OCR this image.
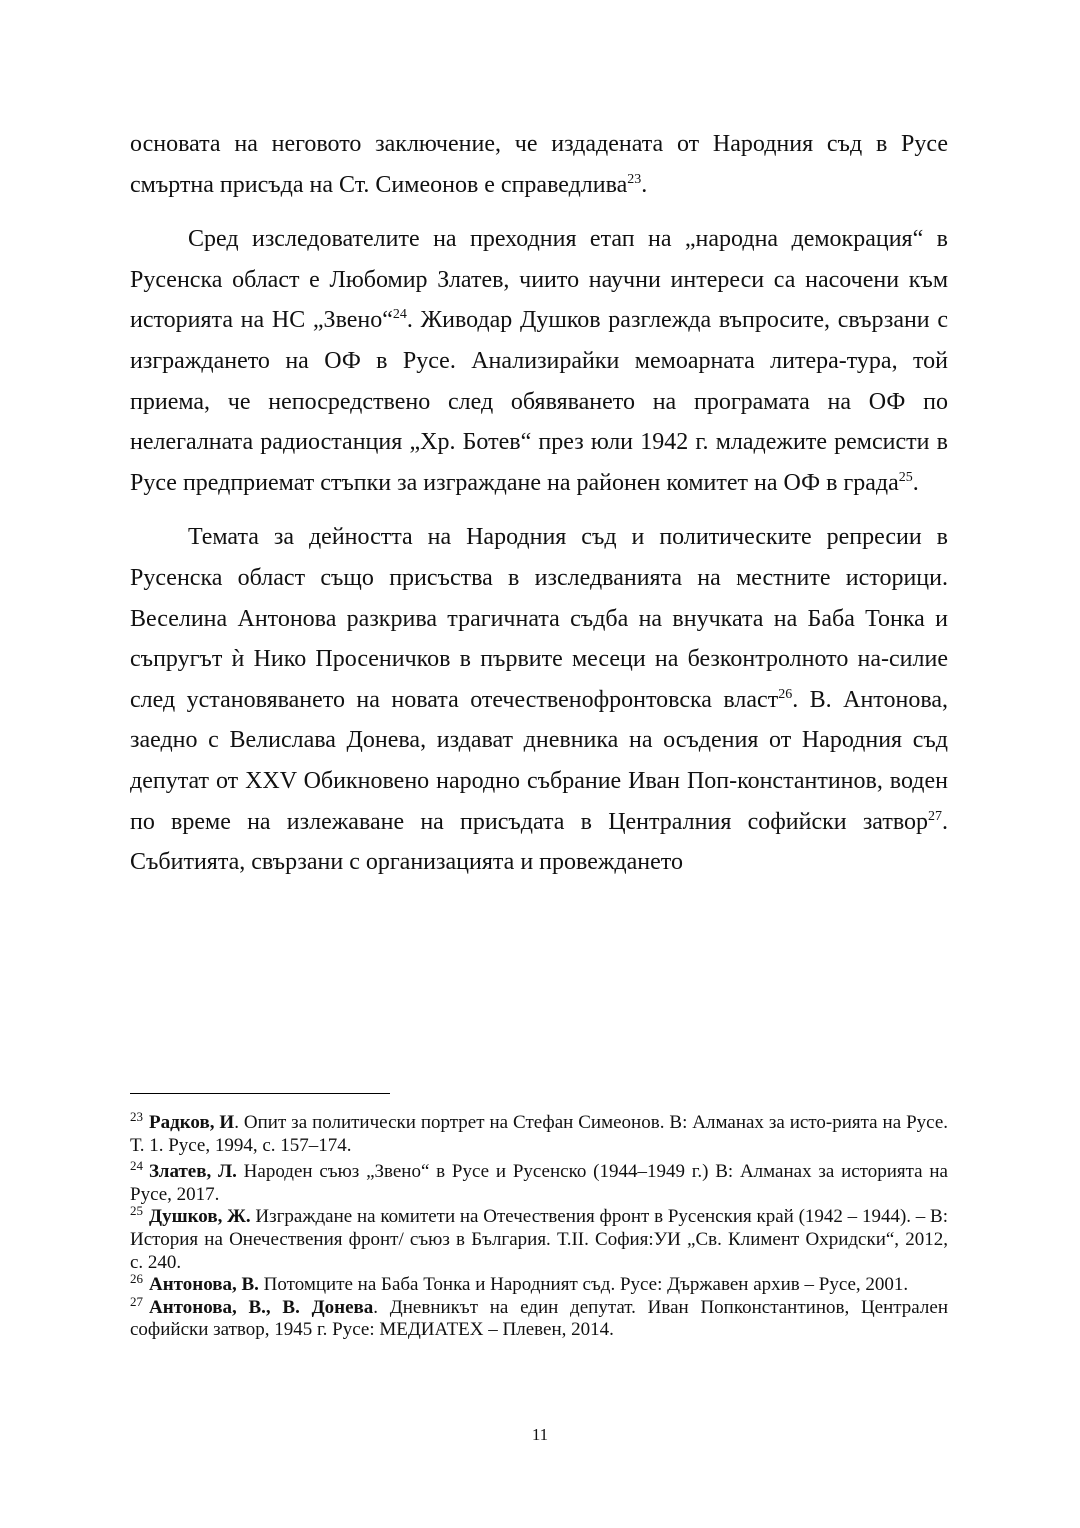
основата на неговото заключение, че издадената от Народния съд в Русе смъртна присъда на Ст. Симеонов е справедлива$^{23}$.

Сред изследователите на преходния етап на „народна демокрация“ в Русенска област е Любомир Златев, чиито научни интереси са насочени към историята на НС „Звено“$^{24}$. Живодар Душков разглежда въпросите, свързани с изграждането на ОФ в Русе. Анализирайки мемоарната литера-тура, той приема, че непосредствено след обявяването на програмата на ОФ по нелегалната радиостанция „Хр. Ботев“ през юли 1942 г. младежите ремсисти в Русе предприемат стъпки за изграждане на районен комитет на ОФ в града$^{25}$.

Темата за дейността на Народния съд и политическите репресии в Русенска област също присъства в изследванията на местните историци. Веселина Антонова разкрива трагичната съдба на внучката на Баба Тонка и съпругът ѝ Нико Просеничков в първите месеци на безконтролното на-силие след установяването на новата отечественофронтовска власт$^{26}$. В. Антонова, заедно с Велислава Донева, издават дневника на осъдения от Народния съд депутат от XXV Обикновено народно събрание Иван Поп-константинов, воден по време на излежаване на присъдата в Централния софийски затвор$^{27}$. Събитията, свързани с организацията и провеждането

$^{23}$ Радков, И. Опит за политически портрет на Стефан Симеонов. В: Алманах за исто-рията на Русе. Т. 1. Русе, 1994, с. 157–174.

$^{24}$ Златев, Л. Народен съюз „Звено“ в Русе и Русенско (1944–1949 г.) В: Алманах за историята на Русе, 2017.

$^{25}$ Душков, Ж. Изграждане на комитети на Отечествения фронт в Русенския край (1942 – 1944). – В: История на Онечествения фронт/ съюз в България. Т.II. София:УИ „Св. Климент Охридски“, 2012, с. 240.

$^{26}$ Антонова, В. Потомците на Баба Тонка и Народният съд. Русе: Държавен архив – Русе, 2001.

$^{27}$ Антонова, В., В. Донева. Дневникът на един депутат. Иван Попконстантинов, Централен софийски затвор, 1945 г. Русе: МЕДИАТЕХ – Плевен, 2014.

11
